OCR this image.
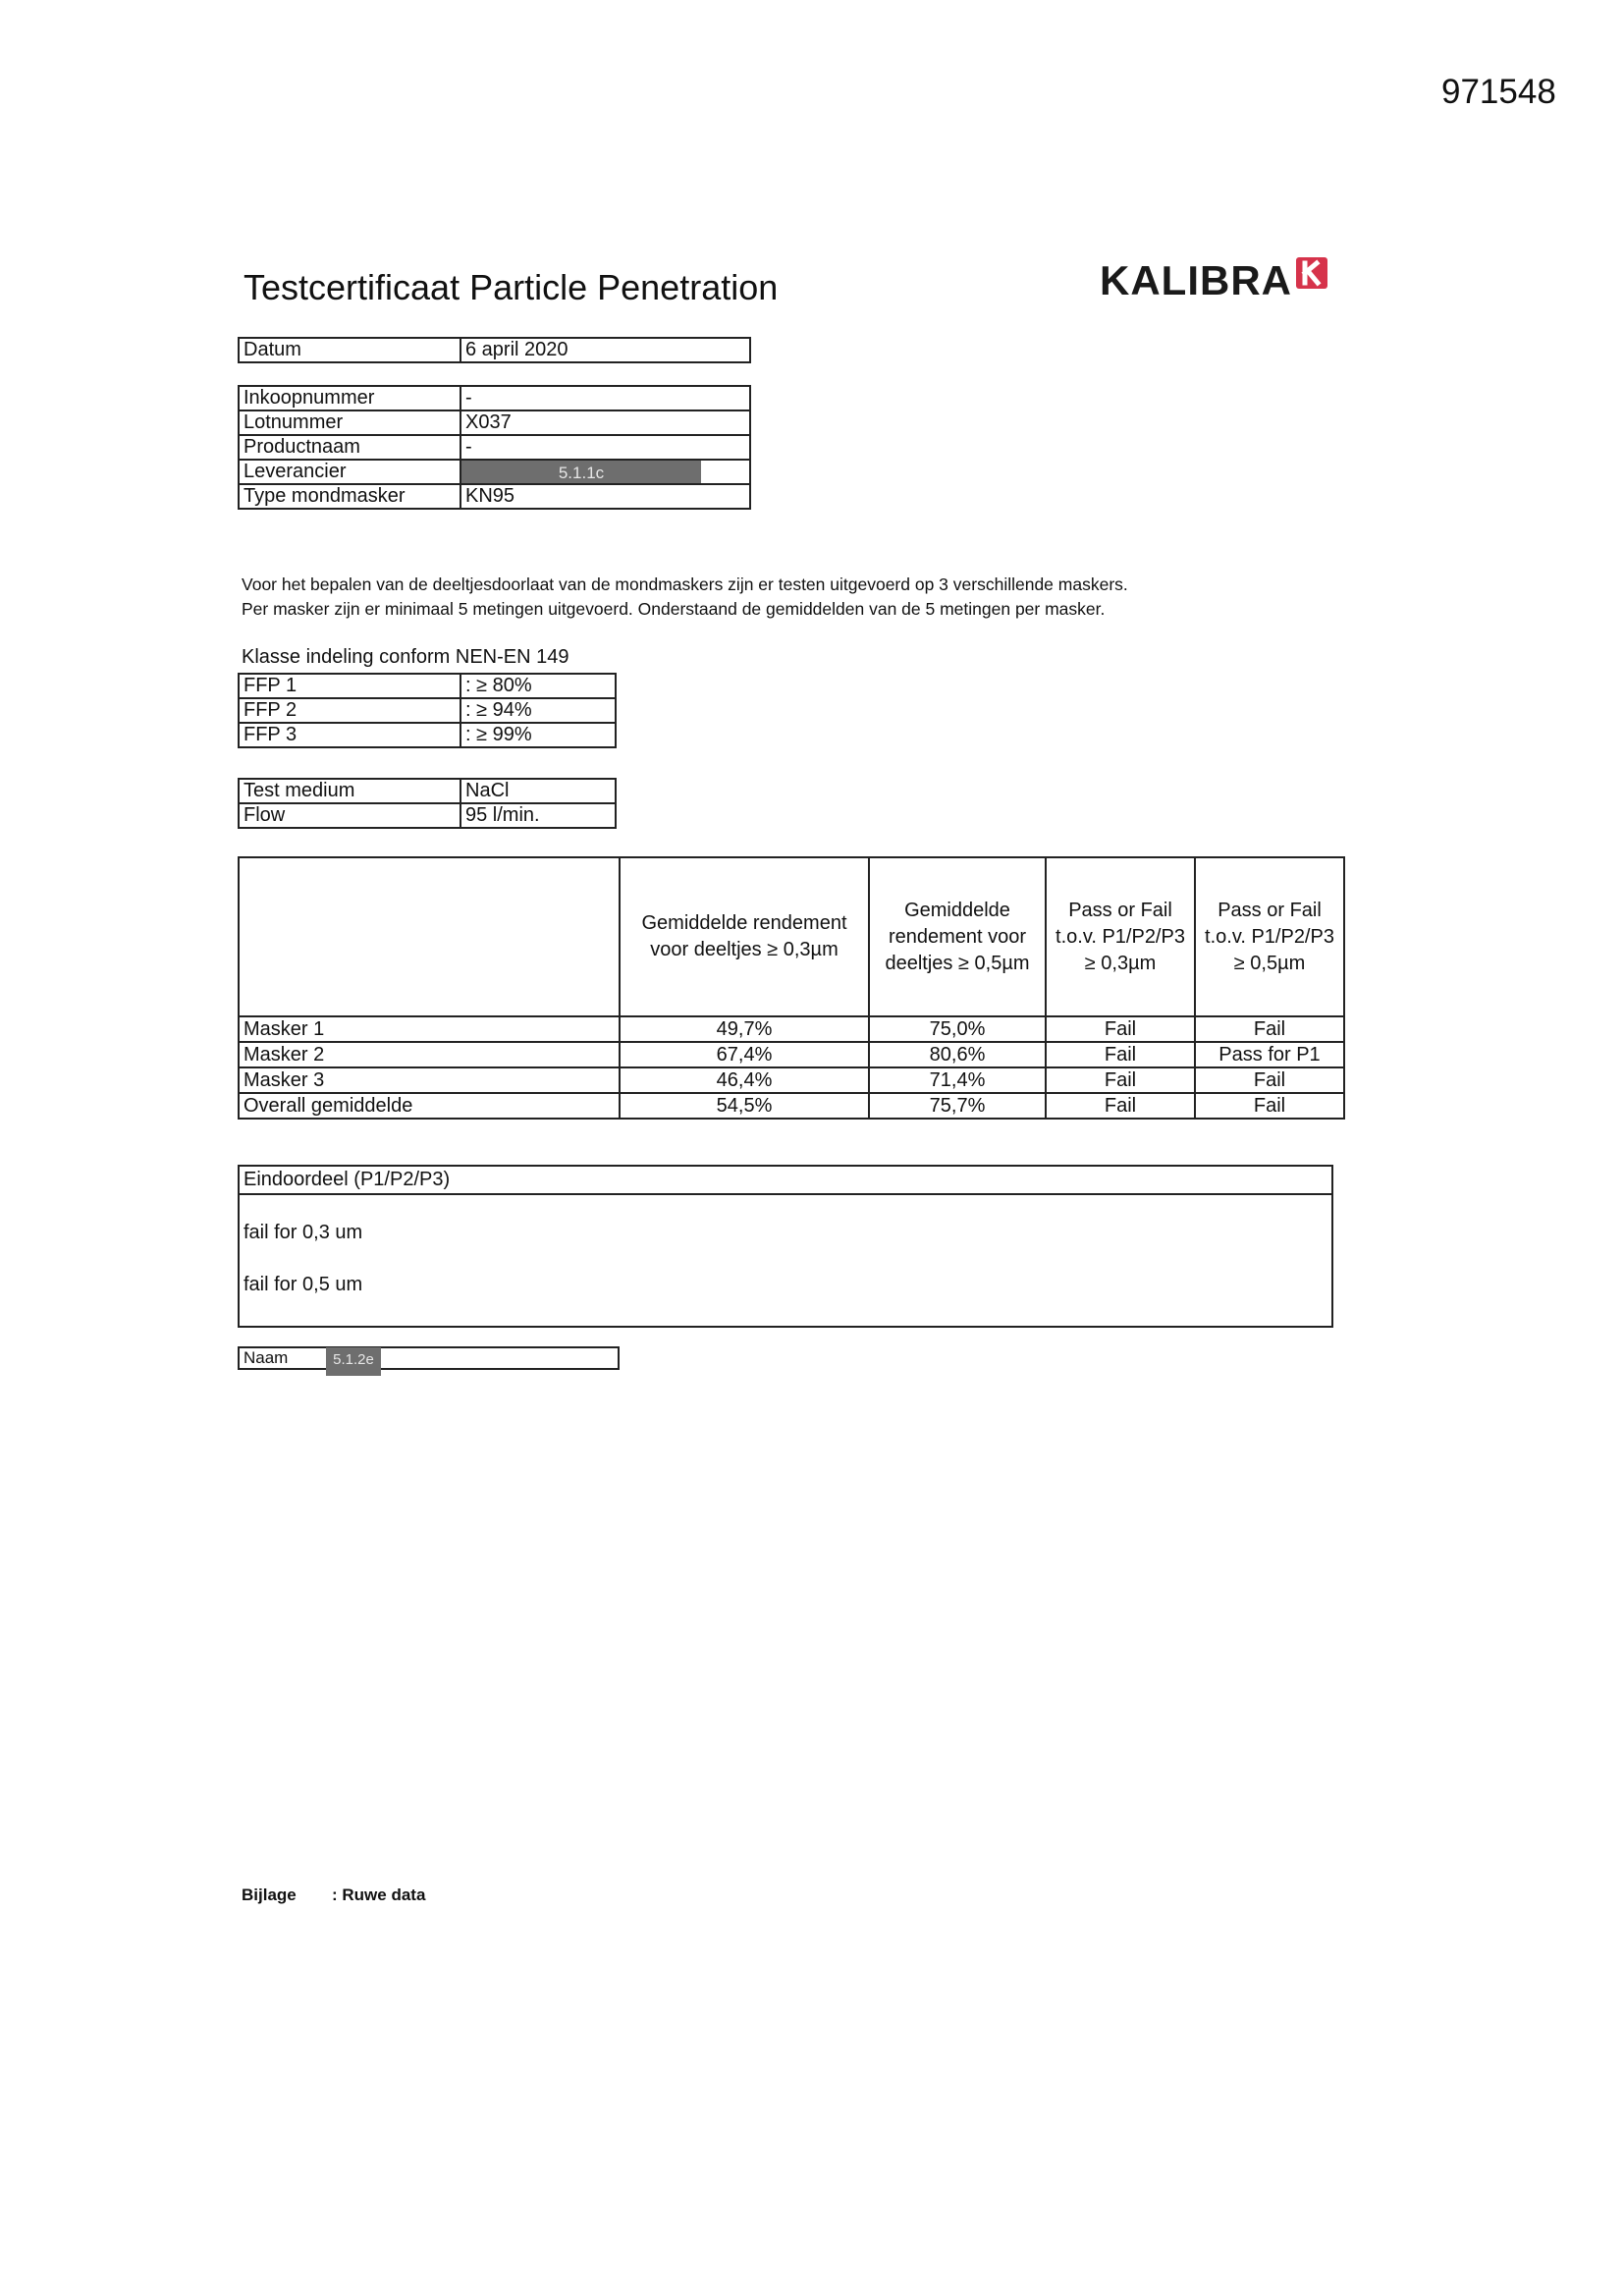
971548
Testcertificaat Particle Penetration	KALIBRA
Datum	6 april 2020
Inkoopnummer	-
Lotnummer	X037
Productnaam	-
Leverancier	5.1.1c

Type mondmasker	KN95
Voor het bepalen van de deeltjesdoorlaat van de mondmaskers zijn er testen uitgevoerd op 3 verschillende maskers.
Per masker zijn er minimaal 5 metingen uitgevoerd. Onderstaand de gemiddelden van de 5 metingen per masker.
Klasse indeling conform NEN-EN 149
FFP 1	: ≥ 80%
FFP 2	: ≥ 94%
FFP 3	: ≥ 99%
Test medium	NaCl
Flow	95 l/min.
	Gemiddelde rendement voor deeltjes ≥ 0,3µm	Gemiddelde rendement voor deeltjes ≥ 0,5µm	Pass or Fail t.o.v. P1/P2/P3 ≥ 0,3µm	Pass or Fail t.o.v. P1/P2/P3 ≥ 0,5µm
Masker 1	49,7%	75,0%	Fail	Fail
Masker 2	67,4%	80,6%	Fail	Pass for P1
Masker 3	46,4%	71,4%	Fail	Fail
Overall gemiddelde	54,5%	75,7%	Fail	Fail
Eindoordeel (P1/P2/P3)
fail for 0,3 um
fail for 0,5 um
Naam	5.1.2e
Bijlage : Ruwe data
